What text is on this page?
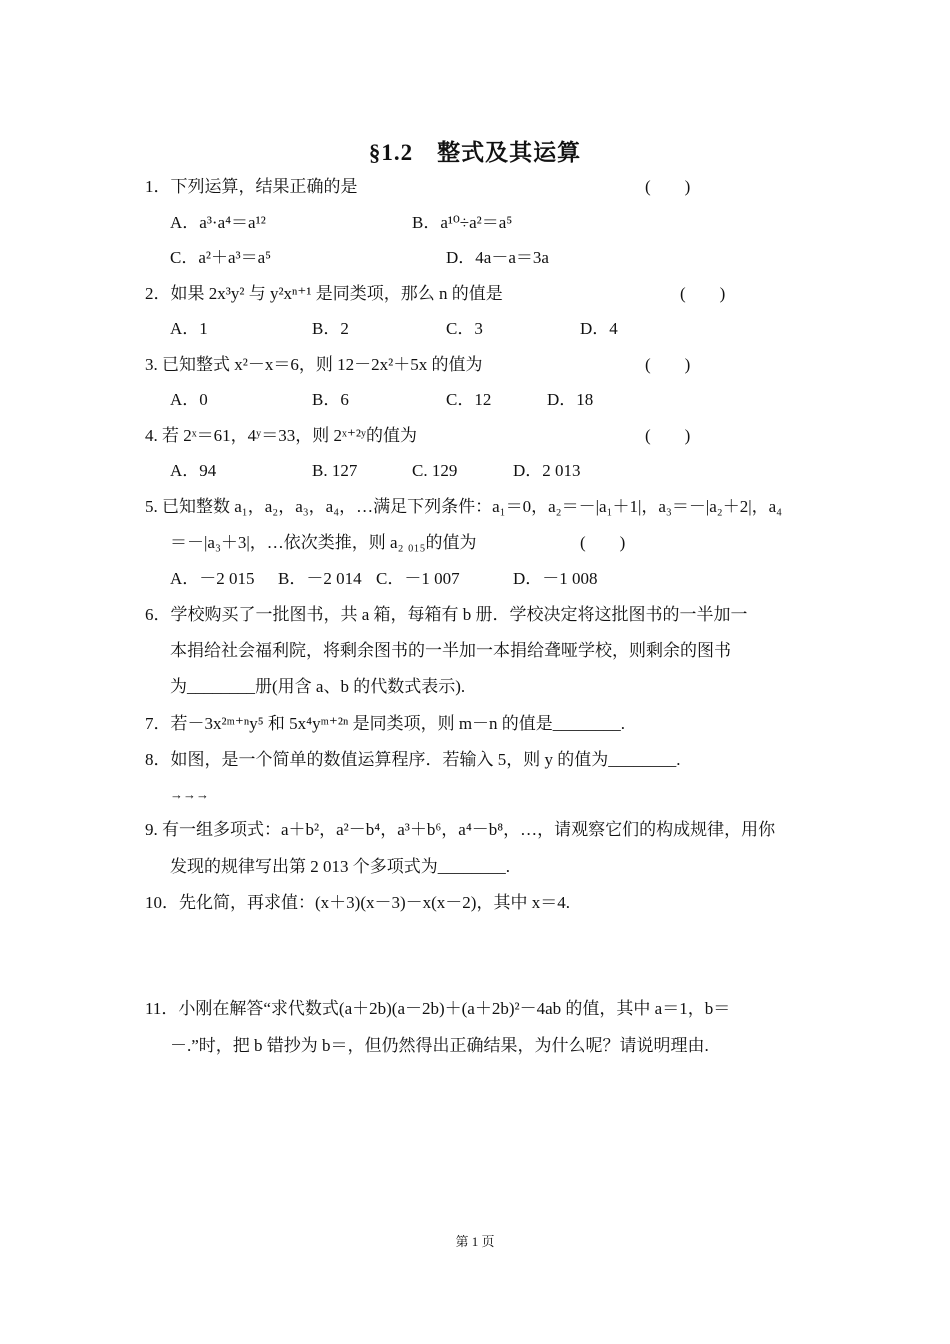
§1.2　整式及其运算
1．下列运算，结果正确的是	(　　)
A．a³·a⁴＝a¹²	B．a¹⁰÷a²＝a⁵
C．a²＋a³＝a⁵	D．4a－a＝3a
2．如果 2x³y² 与 y²xⁿ⁺¹ 是同类项，那么 n 的值是	(　　)
A．1	B．2	C．3	D．4
3. 已知整式 x²－x＝6，则 12－2x²＋5x 的值为	(　　)
A．0	B．6	C．12	D．18
4. 若 2ˣ＝61，4ʸ＝33，则 2ˣ⁺²ʸ的值为	(　　)
A．94	B. 127	C. 129	D．2 013
5. 已知整数 a₁，a₂，a₃，a₄，…满足下列条件：a₁＝0，a₂＝－|a₁＋1|，a₃＝－|a₂＋2|，a₄
＝－|a₃＋3|，…依次类推，则 a₂ ₀₁₅的值为	(　　)
A．－2 015 B．－2 014 C．－1 007	D．－1 008
6．学校购买了一批图书，共 a 箱，每箱有 b 册．学校决定将这批图书的一半加一
本捐给社会福利院，将剩余图书的一半加一本捐给聋哑学校，则剩余的图书
为________册(用含 a、b 的代数式表示).
7．若－3x²ᵐ⁺ⁿy⁵ 和 5x⁴yᵐ⁺²ⁿ 是同类项，则 m－n 的值是________.
8．如图，是一个简单的数值运算程序．若输入 5，则 y 的值为________.
→→→
9. 有一组多项式：a＋b²，a²－b⁴，a³＋b⁶，a⁴－b⁸，…，请观察它们的构成规律，用你
发现的规律写出第 2 013 个多项式为________.
10．先化简，再求值：(x＋3)(x－3)－x(x－2)，其中 x＝4.
11．小刚在解答“求代数式(a＋2b)(a－2b)＋(a＋2b)²－4ab 的值，其中 a＝1，b＝
－.”时，把 b 错抄为 b＝，但仍然得出正确结果，为什么呢？请说明理由.
第 1 页
